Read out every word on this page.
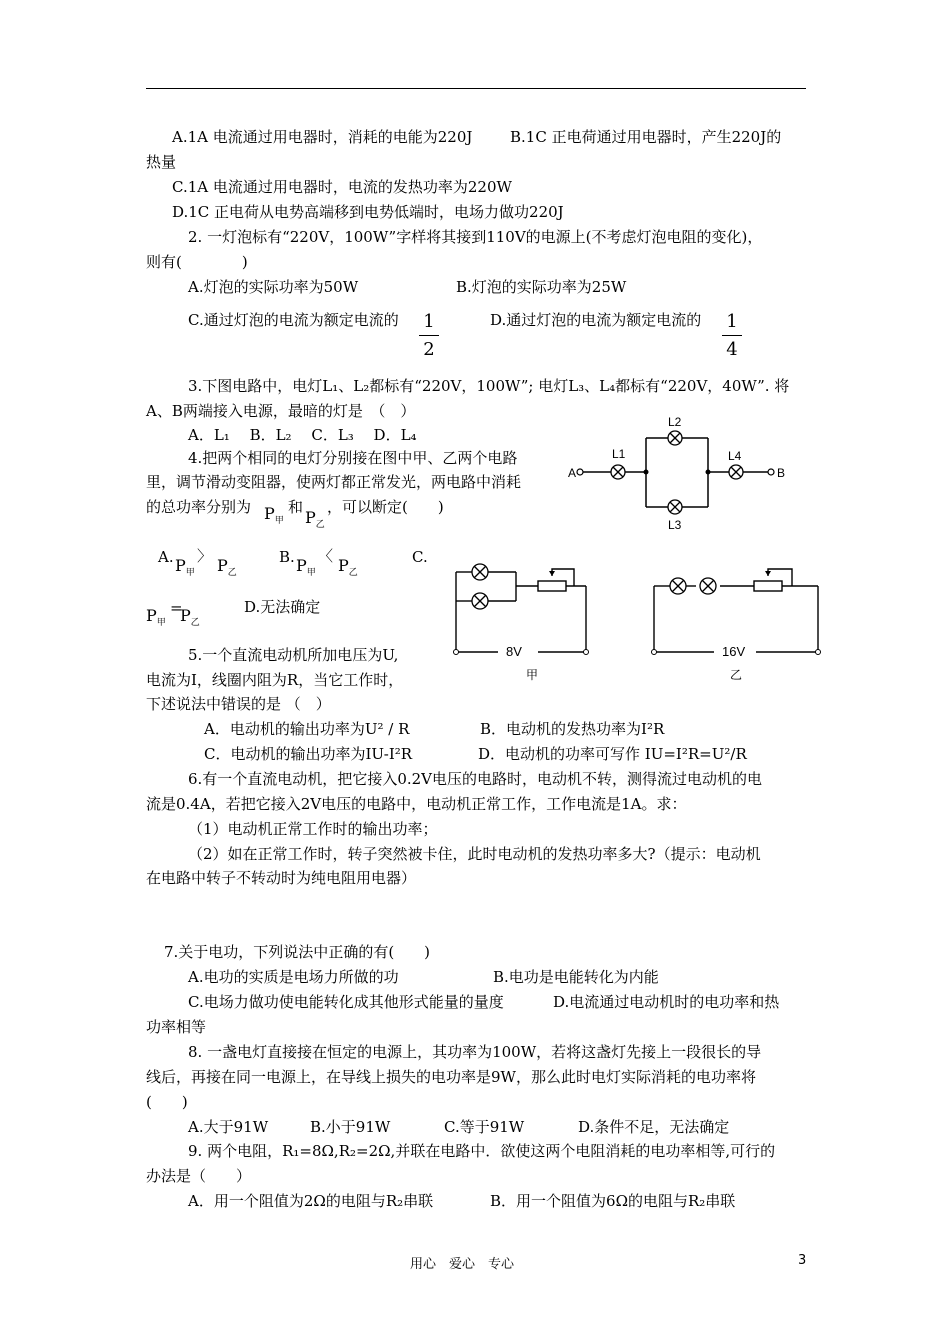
A.1A 电流通过用电器时，消耗的电能为220J	B.1C 正电荷通过用电器时，产生220J的
热量
C.1A 电流通过用电器时，电流的发热功率为220W
D.1C 正电荷从电势高端移到电势低端时，电场力做功220J
2. 一灯泡标有“220V，100W”字样将其接到110V的电源上(不考虑灯泡电阻的变化)，
则有(　　　　)
A.灯泡的实际功率为50W	B.灯泡的实际功率为25W
C.通过灯泡的电流为额定电流的 1
2
D.通过灯泡的电流为额定电流的 1
4
3.下图电路中，电灯L₁、L₂都标有“220V，100W”; 电灯L₃、L₄都标有“220V，40W”. 将
A、B两端接入电源，最暗的灯是　（　）
A．L₁　 B．L₂　 C．L₃　 D．L₄
A	B
L1
L2
L3
L4
4.把两个相同的电灯分别接在图中甲、乙两个电路
里，调节滑动变阻器，使两灯都正常发光，两电路中消耗
的总功率分别为 $P_甲$
和
$P_乙$
，可以断定(　　)
A. $P_甲$
〉 $P_乙$
B. $P_甲$
〈 $P_乙$
C.
$P_甲$
=
$P_乙$
D.无法确定
8V
甲
16V
乙
5.一个直流电动机所加电压为U,
电流为I，线圈内阻为R，当它工作时，
下述说法中错误的是 （　）
A．电动机的输出功率为U² / R	B．电动机的发热功率为I²R
C．电动机的输出功率为IU-I²R	D．电动机的功率可写作 IU=I²R=U²/R
6.有一个直流电动机，把它接入0.2V电压的电路时，电动机不转，测得流过电动机的电
流是0.4A，若把它接入2V电压的电路中，电动机正常工作，工作电流是1A。求：
（1）电动机正常工作时的输出功率；
（2）如在正常工作时，转子突然被卡住，此时电动机的发热功率多大?（提示：电动机
在电路中转子不转动时为纯电阻用电器）
7.关于电功，下列说法中正确的有(　　)
A.电功的实质是电场力所做的功	B.电功是电能转化为内能
C.电场力做功使电能转化成其他形式能量的量度	D.电流通过电动机时的电功率和热
功率相等
8. 一盏电灯直接接在恒定的电源上，其功率为100W，若将这盏灯先接上一段很长的导
线后，再接在同一电源上，在导线上损失的电功率是9W，那么此时电灯实际消耗的电功率将
(　　)
A.大于91W	B.小于91W	C.等于91W	D.条件不足，无法确定
9. 两个电阻，R₁=8Ω,R₂=2Ω,并联在电路中．欲使这两个电阻消耗的电功率相等,可行的
办法是（　　）
A．用一个阻值为2Ω的电阻与R₂串联	B．用一个阻值为6Ω的电阻与R₂串联
用心　爱心　专心	3
